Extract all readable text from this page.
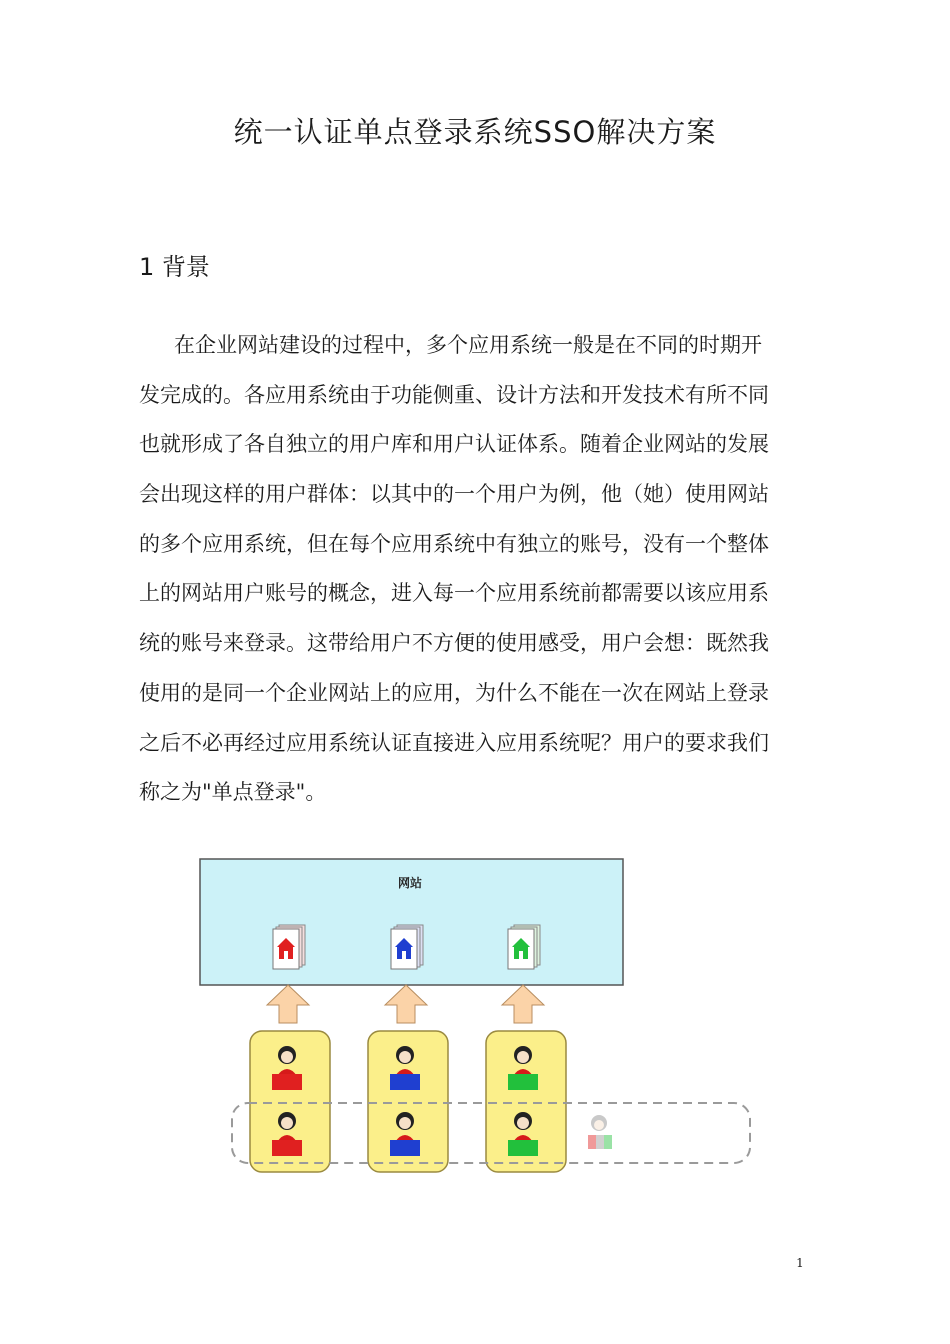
统一认证单点登录系统SSO解决方案
1 背景

在企业网站建设的过程中，多个应用系统一般是在不同的时期开
发完成的。各应用系统由于功能侧重、设计方法和开发技术有所不同
也就形成了各自独立的用户库和用户认证体系。随着企业网站的发展
会出现这样的用户群体：以其中的一个用户为例，他（她）使用网站
的多个应用系统，但在每个应用系统中有独立的账号，没有一个整体
上的网站用户账号的概念，进入每一个应用系统前都需要以该应用系
统的账号来登录。这带给用户不方便的使用感受，用户会想：既然我
使用的是同一个企业网站上的应用，为什么不能在一次在网站上登录
之后不必再经过应用系统认证直接进入应用系统呢？用户的要求我们
称之为"单点登录"。

网站
1
